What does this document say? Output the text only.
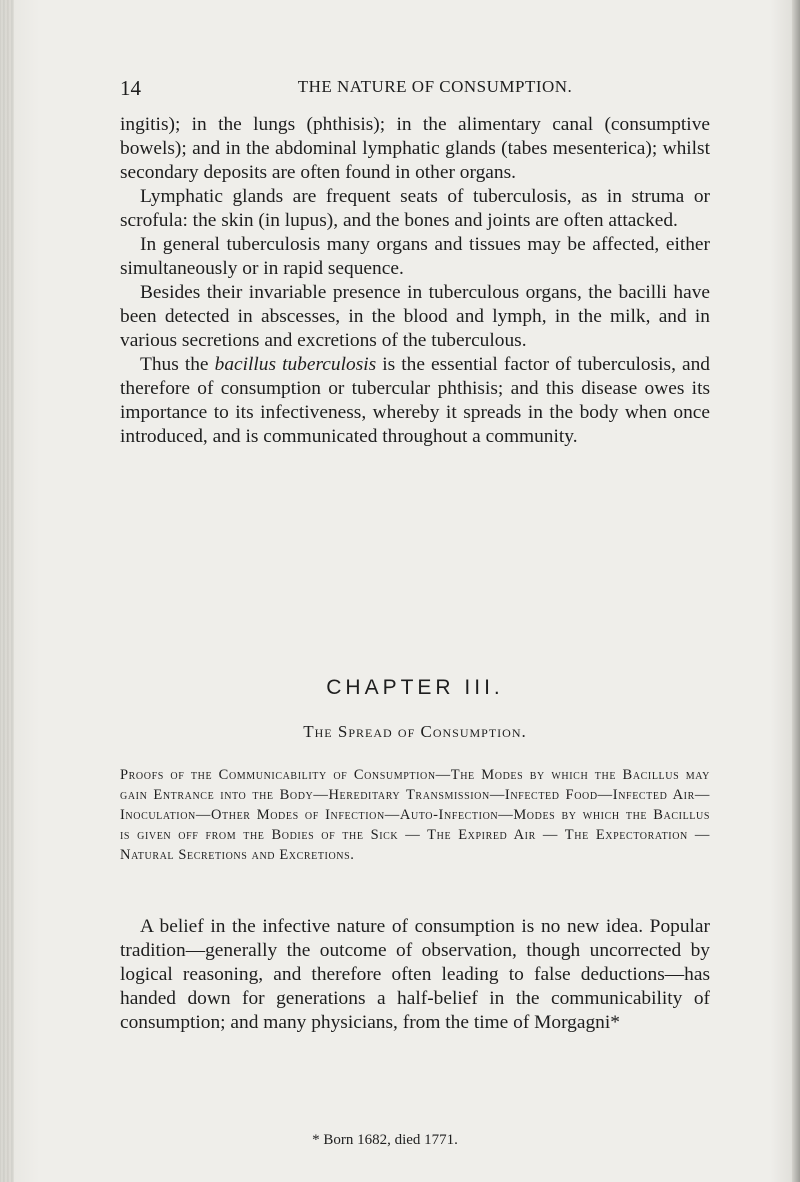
14	THE NATURE OF CONSUMPTION.

ingitis); in the lungs (phthisis); in the alimentary canal (consumptive bowels); and in the abdominal lymphatic glands (tabes mesenterica); whilst secondary deposits are often found in other organs.

Lymphatic glands are frequent seats of tuberculosis, as in struma or scrofula: the skin (in lupus), and the bones and joints are often attacked.

In general tuberculosis many organs and tissues may be affected, either simultaneously or in rapid sequence.

Besides their invariable presence in tuberculous organs, the bacilli have been detected in abscesses, in the blood and lymph, in the milk, and in various secretions and excretions of the tuberculous.

Thus the bacillus tuberculosis is the essential factor of tuberculosis, and therefore of consumption or tubercular phthisis; and this disease owes its importance to its infectiveness, whereby it spreads in the body when once introduced, and is communicated throughout a community.

CHAPTER III.
The Spread of Consumption.

Proofs of the Communicability of Consumption—The Modes by which the Bacillus may gain Entrance into the Body—Hereditary Transmission—Infected Food—Infected Air—Inoculation—Other Modes of Infection—Auto-Infection—Modes by which the Bacillus is given off from the Bodies of the Sick — The Expired Air — The Expectoration — Natural Secretions and Excretions.

A belief in the infective nature of consumption is no new idea. Popular tradition—generally the outcome of observation, though uncorrected by logical reasoning, and therefore often leading to false deductions—has handed down for generations a half-belief in the communicability of consumption; and many physicians, from the time of Morgagni*

* Born 1682, died 1771.
